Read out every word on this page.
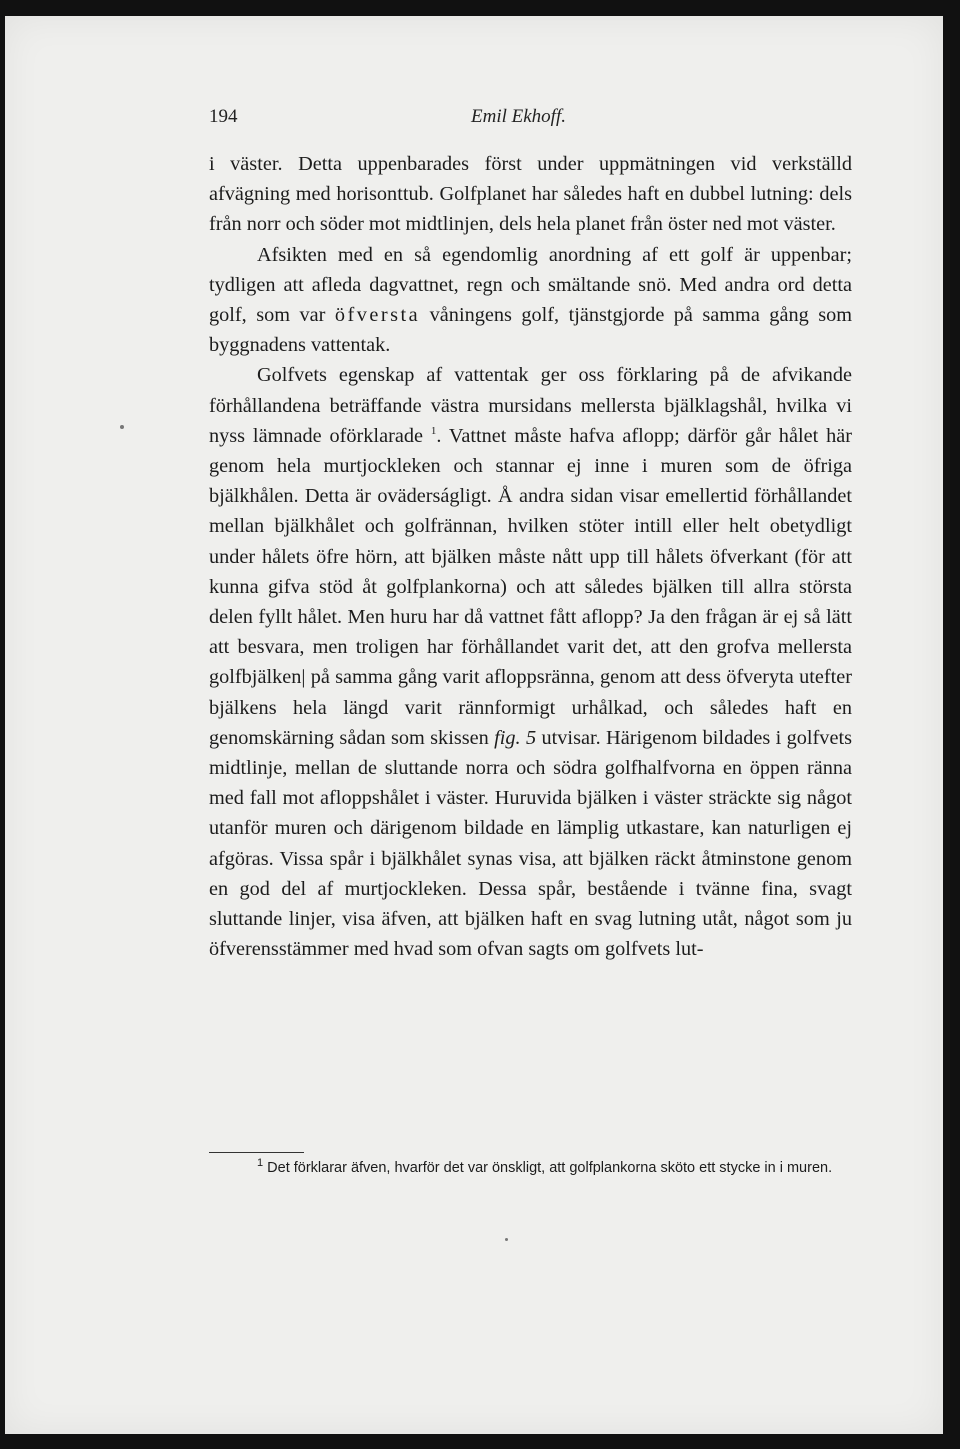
194	Emil Ekhoff.

i väster. Detta uppenbarades först under uppmätningen vid verkställd afvägning med horisonttub. Golfplanet har således haft en dubbel lutning: dels från norr och söder mot midtlinjen, dels hela planet från öster ned mot väster.

Afsikten med en så egendomlig anordning af ett golf är uppenbar; tydligen att afleda dagvattnet, regn och smältande snö. Med andra ord detta golf, som var öfversta våningens golf, tjänstgjorde på samma gång som byggnadens vattentak.

Golfvets egenskap af vattentak ger oss förklaring på de afvikande förhållandena beträffande västra mursidans mellersta bjälklagshål, hvilka vi nyss lämnade oförklarade $^1$. Vattnet måste hafva aflopp; därför går hålet här genom hela murtjockleken och stannar ej inne i muren som de öfriga bjälkhålen. Detta är oväderságligt. Å andra sidan visar emellertid förhållandet mellan bjälkhålet och golfrännan, hvilken stöter intill eller helt obetydligt under hålets öfre hörn, att bjälken måste nått upp till hålets öfverkant (för att kunna gifva stöd åt golfplankorna) och att således bjälken till allra största delen fyllt hålet. Men huru har då vattnet fått aflopp? Ja den frågan är ej så lätt att besvara, men troligen har förhållandet varit det, att den grofva mellersta golfbjälken| på samma gång varit afloppsränna, genom att dess öfveryta utefter bjälkens hela längd varit rännformigt urhålkad, och således haft en genomskärning sådan som skissen fig. 5 utvisar. Härigenom bildades i golfvets midtlinje, mellan de sluttande norra och södra golfhalfvorna en öppen ränna med fall mot afloppshålet i väster. Huruvida bjälken i väster sträckte sig något utanför muren och därigenom bildade en lämplig utkastare, kan naturligen ej afgöras. Vissa spår i bjälkhålet synas visa, att bjälken räckt åtminstone genom en god del af murtjockleken. Dessa spår, bestående i tvänne fina, svagt sluttande linjer, visa äfven, att bjälken haft en svag lutning utåt, något som ju öfverensstämmer med hvad som ofvan sagts om golfvets lut-

$^1$ Det förklarar äfven, hvarför det var önskligt, att golfplankorna sköto ett stycke in i muren.
